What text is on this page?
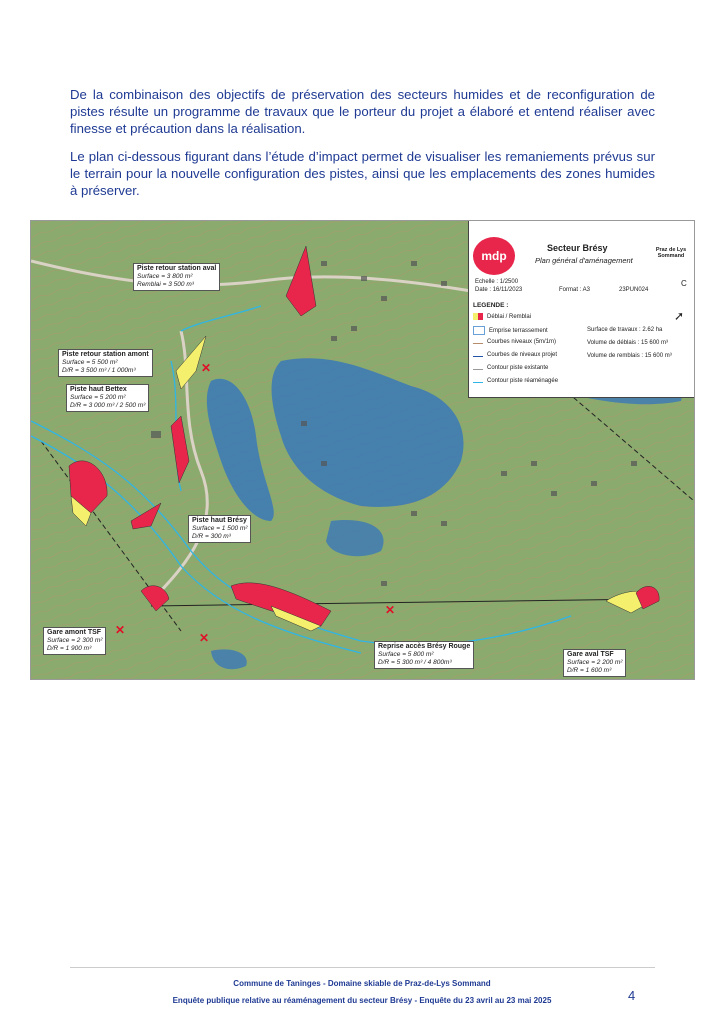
De la combinaison des objectifs de préservation des secteurs humides et de reconfiguration de pistes résulte un programme de travaux que le porteur du projet a élaboré et entend réaliser avec finesse et précaution dans la réalisation.
Le plan ci-dessous figurant dans l’étude d’impact permet de visualiser les remaniements prévus sur le terrain pour la nouvelle configuration des pistes, ainsi que les emplacements des zones humides à préserver.
mdp
Secteur Brésy
Plan général d'aménagement
Praz de Lys Sommand
Echelle : 1/2500
Date : 16/11/2023	Format : A3	23PUN024
C
LEGENDE :
Déblai / Remblai
Emprise terrassement
Courbes niveaux (5m/1m)
Courbes de niveaux projet
Contour piste existante
Contour piste réaménagée
Surface de travaux : 2.62 ha
Volume de déblais : 15 600 m³
Volume de remblais : 15 600 m³
➚
Piste retour station aval
Surface = 3 800 m²
Remblai = 3 500 m³
Piste retour station amont
Surface = 5 500 m²
D/R = 3 500 m³ / 1 000m³
Piste haut Bettex
Surface = 5 200 m²
D/R = 3 000 m³ / 2 500 m³
Piste haut Brésy
Surface = 1 500 m²
D/R = 300 m³
Gare amont TSF
Surface = 2 300 m²
D/R = 1 900 m³	Reprise accès Brésy Rouge
Surface = 5 800 m²
D/R = 5 300 m³ / 4 800m³
Gare aval TSF
Surface = 2 200 m²
D/R = 1 600 m³
✕
✕
✕
✕
Commune de Taninges - Domaine skiable de Praz-de-Lys Sommand
Enquête publique relative au réaménagement du secteur Brésy - Enquête du 23 avril au 23 mai 2025	4
